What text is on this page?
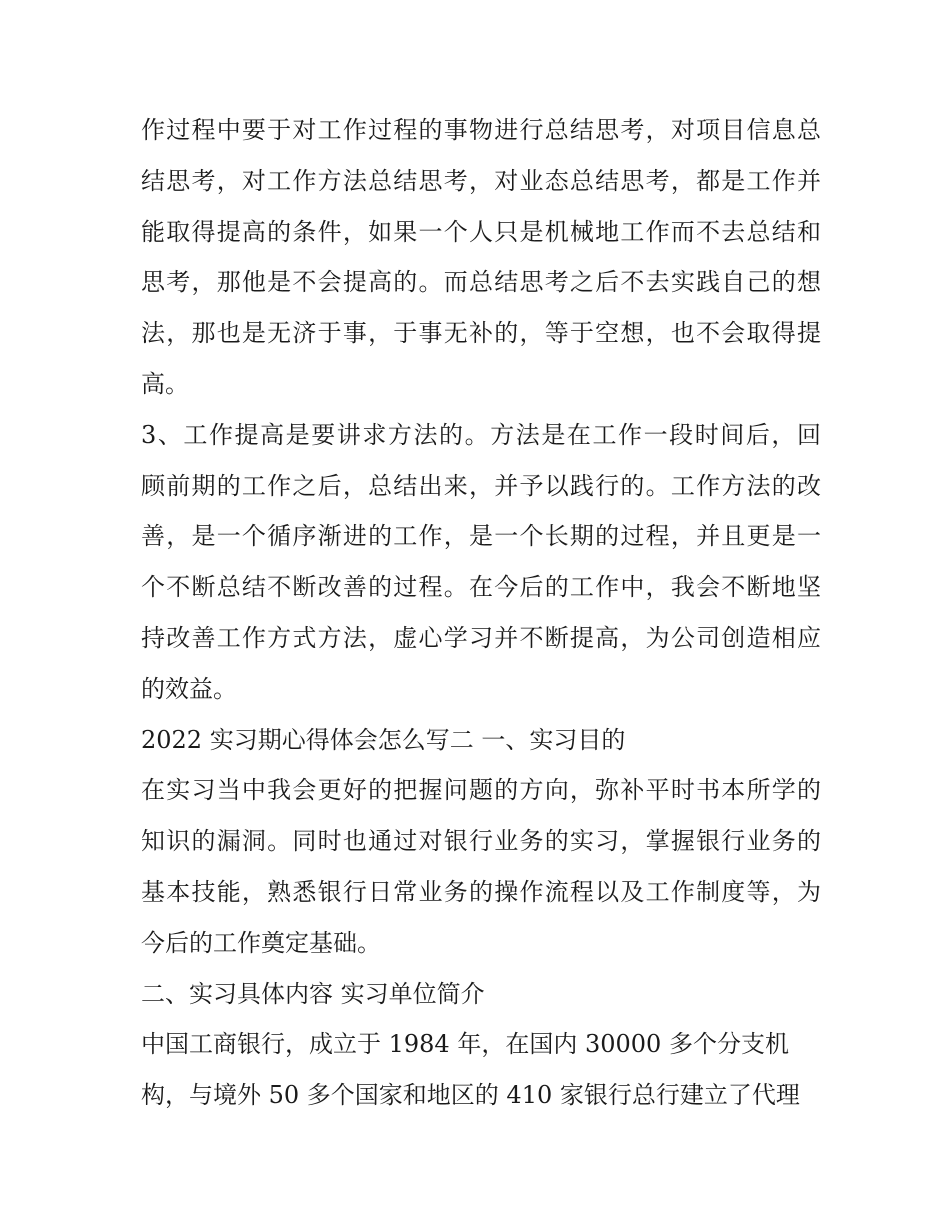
作过程中要于对工作过程的事物进行总结思考，对项目信息总
结思考，对工作方法总结思考，对业态总结思考，都是工作并
能取得提高的条件，如果一个人只是机械地工作而不去总结和
思考，那他是不会提高的。而总结思考之后不去实践自己的想
法，那也是无济于事，于事无补的，等于空想，也不会取得提
高。
3、工作提高是要讲求方法的。方法是在工作一段时间后，回
顾前期的工作之后，总结出来，并予以践行的。工作方法的改
善，是一个循序渐进的工作，是一个长期的过程，并且更是一
个不断总结不断改善的过程。在今后的工作中，我会不断地坚
持改善工作方式方法，虚心学习并不断提高，为公司创造相应
的效益。
2022 实习期心得体会怎么写二 一、实习目的
在实习当中我会更好的把握问题的方向，弥补平时书本所学的
知识的漏洞。同时也通过对银行业务的实习，掌握银行业务的
基本技能，熟悉银行日常业务的操作流程以及工作制度等，为
今后的工作奠定基础。
二、实习具体内容 实习单位简介
中国工商银行，成立于 1984 年，在国内 30000 多个分支机
构，与境外 50 多个国家和地区的 410 家银行总行建立了代理
